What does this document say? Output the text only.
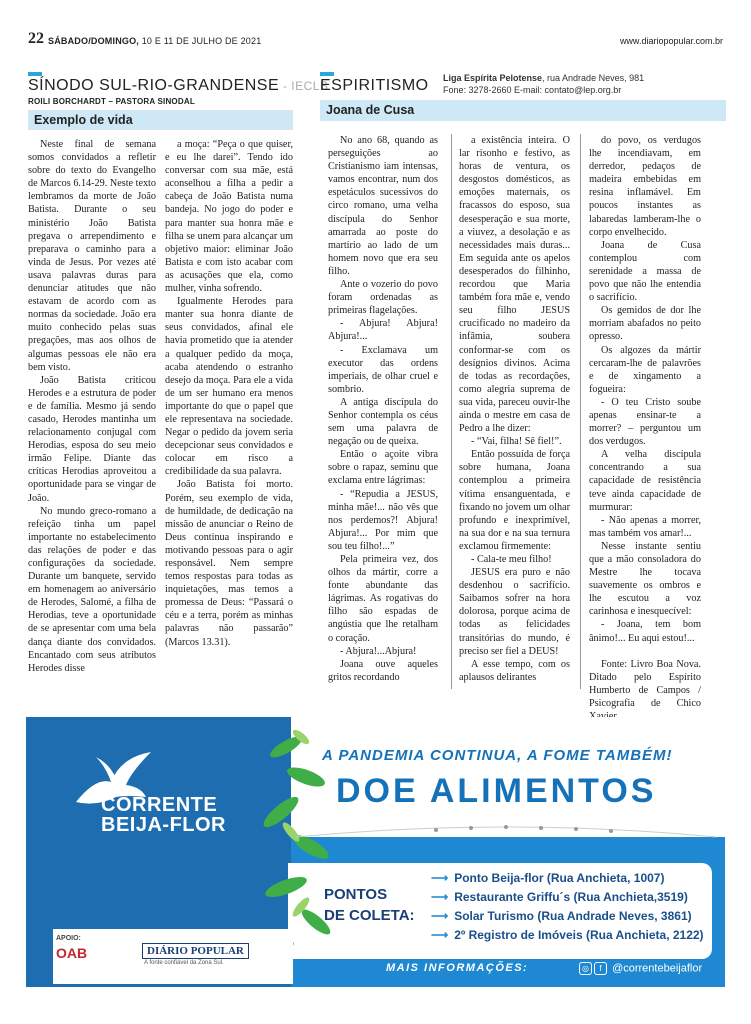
22 SÁBADO/DOMINGO, 10 E 11 DE JULHO DE 2021	www.diariopopular.com.br
SÍNODO SUL-RIO-GRANDENSE - IECLB
ROILI BORCHARDT – PASTORA SINODAL
Exemplo de vida

Neste final de semana somos convidados a refletir sobre do texto do Evangelho de Marcos 6.14-29. Neste texto lembramos da morte de João Batista. Durante o seu ministério João Batista pregava o arrependimento e preparava o caminho para a vinda de Jesus. Por vezes até usava palavras duras para denunciar atitudes que não estavam de acordo com as normas da sociedade. João era muito conhecido pelas suas pregações, mas aos olhos de algumas pessoas ele não era bem visto.

João Batista criticou Herodes e a estrutura de poder e de família. Mesmo já sendo casado, Herodes mantinha um relacionamento conjugal com Herodias, esposa do seu meio irmão Felipe. Diante das críticas Herodias aproveitou a oportunidade para se vingar de João.

No mundo greco-romano a refeição tinha um papel importante no estabelecimento das relações de poder e das configurações da sociedade. Durante um banquete, servido em homenagem ao aniversário de Herodes, Salomé, a filha de Herodias, teve a oportunidade de se apresentar com uma bela dança diante dos convidados. Encantado com seus atributos Herodes disse

a moça: “Peça o que quiser, e eu lhe darei”. Tendo ido conversar com sua mãe, está aconselhou a filha a pedir a cabeça de João Batista numa bandeja. No jogo do poder e para manter sua honra mãe e filha se unem para alcançar um objetivo maior: eliminar João Batista e com isto acabar com as acusações que ela, como mulher, vinha sofrendo.

Igualmente Herodes para manter sua honra diante de seus convidados, afinal ele havia prometido que ia atender a qualquer pedido da moça, acaba atendendo o estranho desejo da moça. Para ele a vida de um ser humano era menos importante do que o papel que ele representava na sociedade. Negar o pedido da jovem seria decepcionar seus convidados e colocar em risco a credibilidade da sua palavra.

João Batista foi morto. Porém, seu exemplo de vida, de humildade, de dedicação na missão de anunciar o Reino de Deus continua inspirando e motivando pessoas para o agir responsável. Nem sempre temos respostas para todas as inquietações, mas temos a promessa de Deus: “Passará o céu e a terra, porém as minhas palavras não passarão” (Marcos 13.31).

ESPIRITISMO Liga Espírita Pelotense, rua Andrade Neves, 981
Fone: 3278-2660 E-mail: contato@lep.org.br
Joana de Cusa

No ano 68, quando as perseguições ao Cristianismo iam intensas, vamos encontrar, num dos espetáculos sucessivos do circo romano, uma velha discípula do Senhor amarrada ao poste do martírio ao lado de um homem novo que era seu filho.

Ante o vozerio do povo foram ordenadas as primeiras flagelações.

- Abjura! Abjura! Abjura!...

- Exclamava um executor das ordens imperiais, de olhar cruel e sombrio.

A antiga discípula do Senhor contempla os céus sem uma palavra de negação ou de queixa.

Então o açoite vibra sobre o rapaz, seminu que exclama entre lágrimas:

- “Repudia a JESUS, minha mãe!... não vês que nos perdemos?! Abjura! Abjura!... Por mim que sou teu filho!...”

Pela primeira vez, dos olhos da mártir, corre a fonte abundante das lágrimas. As rogativas do filho são espadas de angústia que lhe retalham o coração.

- Abjura!...Abjura!

Joana ouve aqueles gritos recordando

a existência inteira. O lar risonho e festivo, as horas de ventura, os desgostos domésticos, as emoções maternais, os fracassos do esposo, sua desesperação e sua morte, a viuvez, a desolação e as necessidades mais duras... Em seguida ante os apelos desesperados do filhinho, recordou que Maria também fora mãe e, vendo seu filho JESUS crucificado no madeiro da infâmia, soubera conformar-se com os desígnios divinos. Acima de todas as recordações, como alegria suprema de sua vida, pareceu ouvir-lhe ainda o mestre em casa de Pedro a lhe dizer:

- “Vai, filha! Sê fiel!”.

Então possuída de força sobre humana, Joana contemplou a primeira vítima ensanguentada, e fixando no jovem um olhar profundo e inexprimível, na sua dor e na sua ternura exclamou firmemente:

- Cala-te meu filho!

JESUS era puro e não desdenhou o sacrifício. Saibamos sofrer na hora dolorosa, porque acima de todas as felicidades transitórias do mundo, é preciso ser fiel a DEUS!

A esse tempo, com os aplausos delirantes

do povo, os verdugos lhe incendiavam, em derredor, pedaços de madeira embebidas em resina inflamável. Em poucos instantes as labaredas lamberam-lhe o corpo envelhecido.

Joana de Cusa contemplou com serenidade a massa de povo que não lhe entendia o sacrifício.

Os gemidos de dor lhe morriam abafados no peito opresso.

Os algozes da mártir cercaram-lhe de palavrões e de xingamento a fogueira:

- O teu Cristo soube apenas ensinar-te a morrer? – perguntou um dos verdugos.

A velha discípula concentrando a sua capacidade de resistência teve ainda capacidade de murmurar:

- Não apenas a morrer, mas também vos amar!...

Nesse instante sentiu que a mão consoladora do Mestre lhe tocava suavemente os ombros e lhe escutou a voz carinhosa e inesquecível:

- Joana, tem bom ânimo!... Eu aqui estou!...

Fonte: Livro Boa Nova. Ditado pelo Espírito Humberto de Campos / Psicografia de Chico

CORRENTE
BEIJA-FLOR
A PANDEMIA CONTINUA, A FOME TAMBÉM!
DOE ALIMENTOS
PONTOS
DE COLETA:
⟶ Ponto Beija-flor (Rua Anchieta, 1007)
⟶ Restaurante Griffu´s (Rua Anchieta,3519)
⟶ Solar Turismo (Rua Andrade Neves, 3861)
⟶ 2º Registro de Imóveis (Rua Anchieta, 2122)
MAIS INFORMAÇÕES:	◎ f @correntebeijaflor
APOIO:
OAB	DIÁRIO POPULAR
A fonte confiável da Zona Sul.
